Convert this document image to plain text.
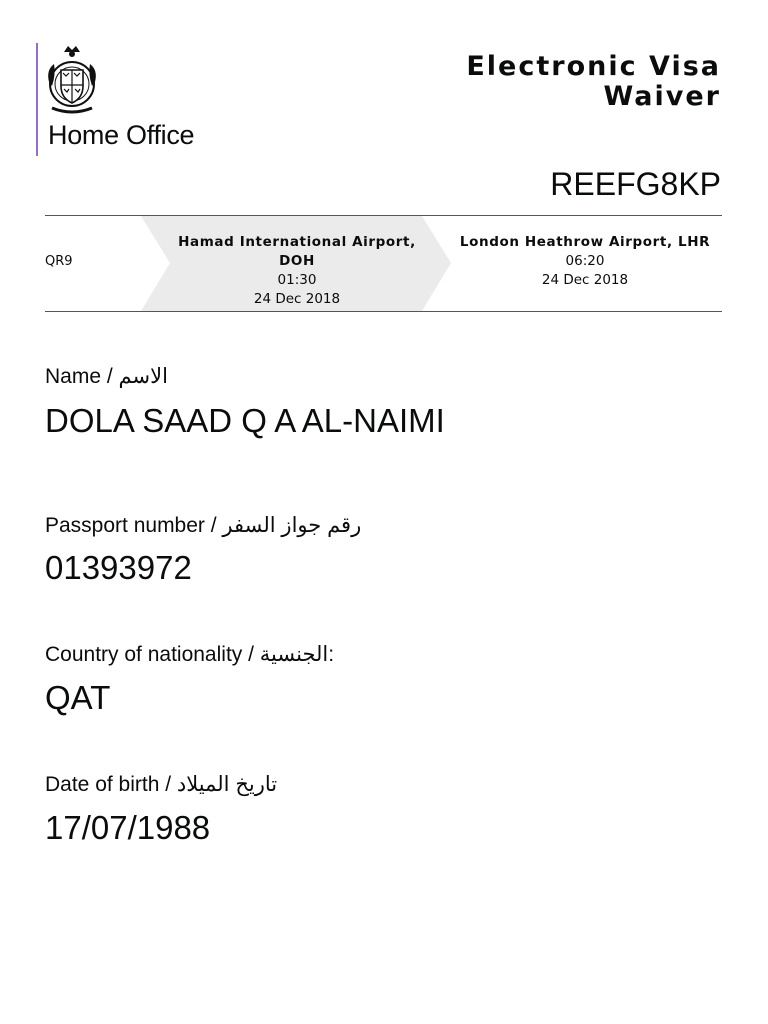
Home Office
Electronic Visa
Waiver
REEFG8KP
QR9
Hamad International Airport,
DOH
01:30
24 Dec 2018
London Heathrow Airport, LHR
06:20
24 Dec 2018
Name / الاسم
DOLA SAAD Q A AL-NAIMI
Passport number / رقم جواز السفر
01393972
Country of nationality / الجنسية:
QAT
Date of birth / تاريخ الميلاد
17/07/1988
